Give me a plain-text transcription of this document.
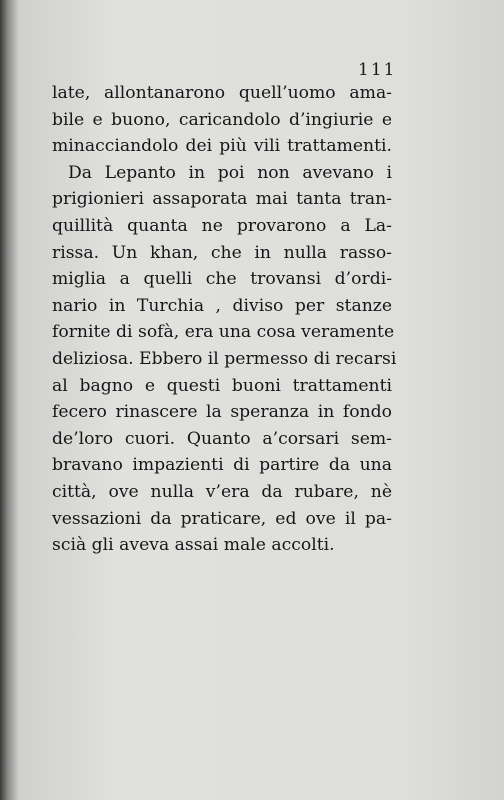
111
late, allontanarono quell’uomo ama-
bile e buono, caricandolo d’ingiurie e
minacciandolo dei più vili trattamenti.
Da Lepanto in poi non avevano i
prigionieri assaporata mai tanta tran-
quillità quanta ne provarono a La-
rissa. Un khan, che in nulla rasso-
miglia a quelli che trovansi d’ordi-
nario in Turchia , diviso per stanze
fornite di sofà, era una cosa veramente
deliziosa. Ebbero il permesso di recarsi
al bagno e questi buoni trattamenti
fecero rinascere la speranza in fondo
de’loro cuori. Quanto a’corsari sem-
bravano impazienti di partire da una
città, ove nulla v’era da rubare, nè
vessazioni da praticare, ed ove il pa-
scià gli aveva assai male accolti.
